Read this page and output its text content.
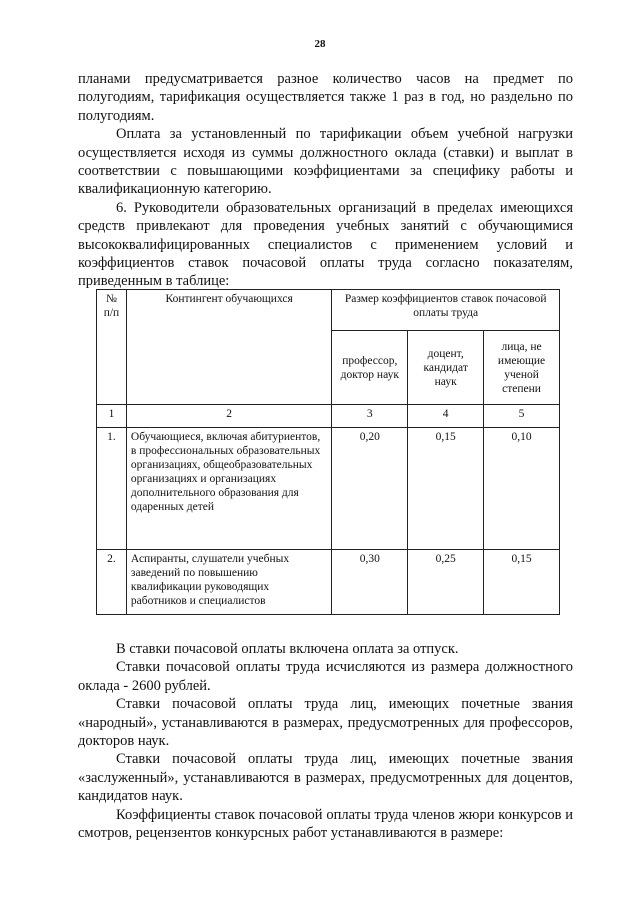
28

планами предусматривается разное количество часов на предмет по полугодиям, тарификация осуществляется также 1 раз в год, но раздельно по полугодиям.

Оплата за установленный по тарификации объем учебной нагрузки осуществляется исходя из суммы должностного оклада (ставки) и выплат в соответствии с повышающими коэффициентами за специфику работы и квалификационную категорию.

6. Руководители образовательных организаций в пределах имеющихся средств привлекают для проведения учебных занятий с обучающимися высококвалифицированных специалистов с применением условий и коэффициентов ставок почасовой оплаты труда согласно показателям, приведенным в таблице:

№ п/п	Контингент обучающихся	Размер коэффициентов ставок почасовой оплаты труда		
		профессор, доктор наук	доцент, кандидат наук	лица, не имеющие ученой степени
1	2	3	4	5
1.	Обучающиеся, включая абитуриентов, в профессиональных образовательных организациях, общеобразовательных организациях и организациях дополнительного образования для одаренных детей	0,20	0,15	0,10
2.	Аспиранты, слушатели учебных заведений по повышению квалификации руководящих работников и специалистов	0,30	0,25	0,15

В ставки почасовой оплаты включена оплата за отпуск.

Ставки почасовой оплаты труда исчисляются из размера должностного оклада - 2600 рублей.

Ставки почасовой оплаты труда лиц, имеющих почетные звания «народный», устанавливаются в размерах, предусмотренных для профессоров, докторов наук.

Ставки почасовой оплаты труда лиц, имеющих почетные звания «заслуженный», устанавливаются в размерах, предусмотренных для доцентов, кандидатов наук.

Коэффициенты ставок почасовой оплаты труда членов жюри конкурсов и смотров, рецензентов конкурсных работ устанавливаются в размере:
